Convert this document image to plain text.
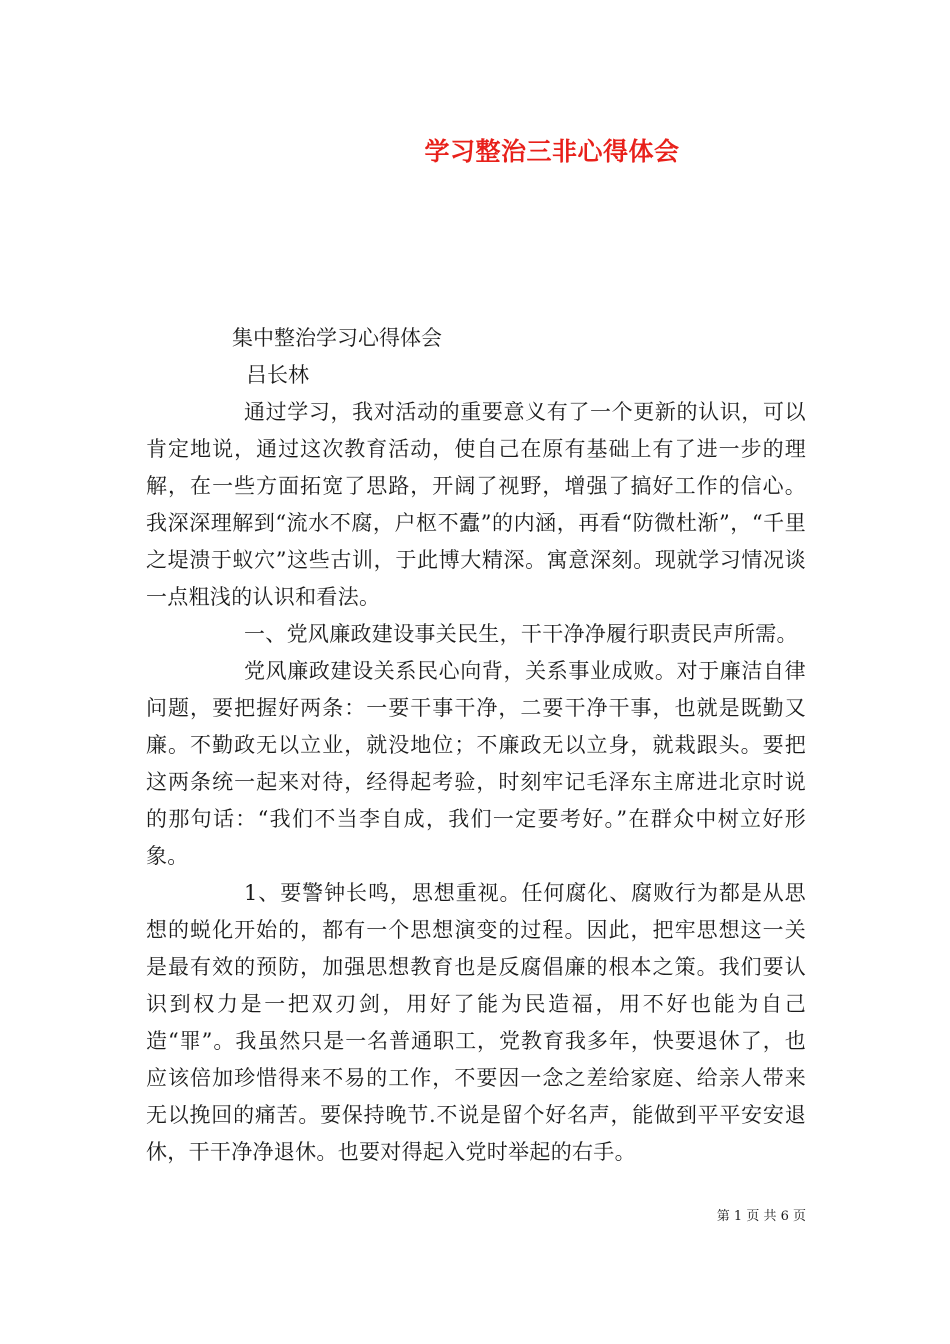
学习整治三非心得体会

集中整治学习心得体会

吕长林

通过学习，我对活动的重要意义有了一个更新的认识，可以肯定地说，通过这次教育活动，使自己在原有基础上有了进一步的理解，在一些方面拓宽了思路，开阔了视野，增强了搞好工作的信心。我深深理解到“流水不腐，户枢不蠹”的内涵，再看“防微杜渐”，“千里之堤溃于蚁穴”这些古训，于此博大精深。寓意深刻。现就学习情况谈一点粗浅的认识和看法。

一、党风廉政建设事关民生，干干净净履行职责民声所需。

党风廉政建设关系民心向背，关系事业成败。对于廉洁自律问题，要把握好两条：一要干事干净，二要干净干事，也就是既勤又廉。不勤政无以立业，就没地位；不廉政无以立身，就栽跟头。要把这两条统一起来对待，经得起考验，时刻牢记毛泽东主席进北京时说的那句话：“我们不当李自成，我们一定要考好。”在群众中树立好形象。

1、要警钟长鸣，思想重视。任何腐化、腐败行为都是从思想的蜕化开始的，都有一个思想演变的过程。因此，把牢思想这一关是最有效的预防，加强思想教育也是反腐倡廉的根本之策。我们要认识到权力是一把双刃剑，用好了能为民造福，用不好也能为自己造“罪”。我虽然只是一名普通职工，党教育我多年，快要退休了，也应该倍加珍惜得来不易的工作，不要因一念之差给家庭、给亲人带来无以挽回的痛苦。要保持晚节.不说是留个好名声，能做到平平安安退休，干干净净退休。也要对得起入党时举起的右手。

第 1 页 共 6 页
